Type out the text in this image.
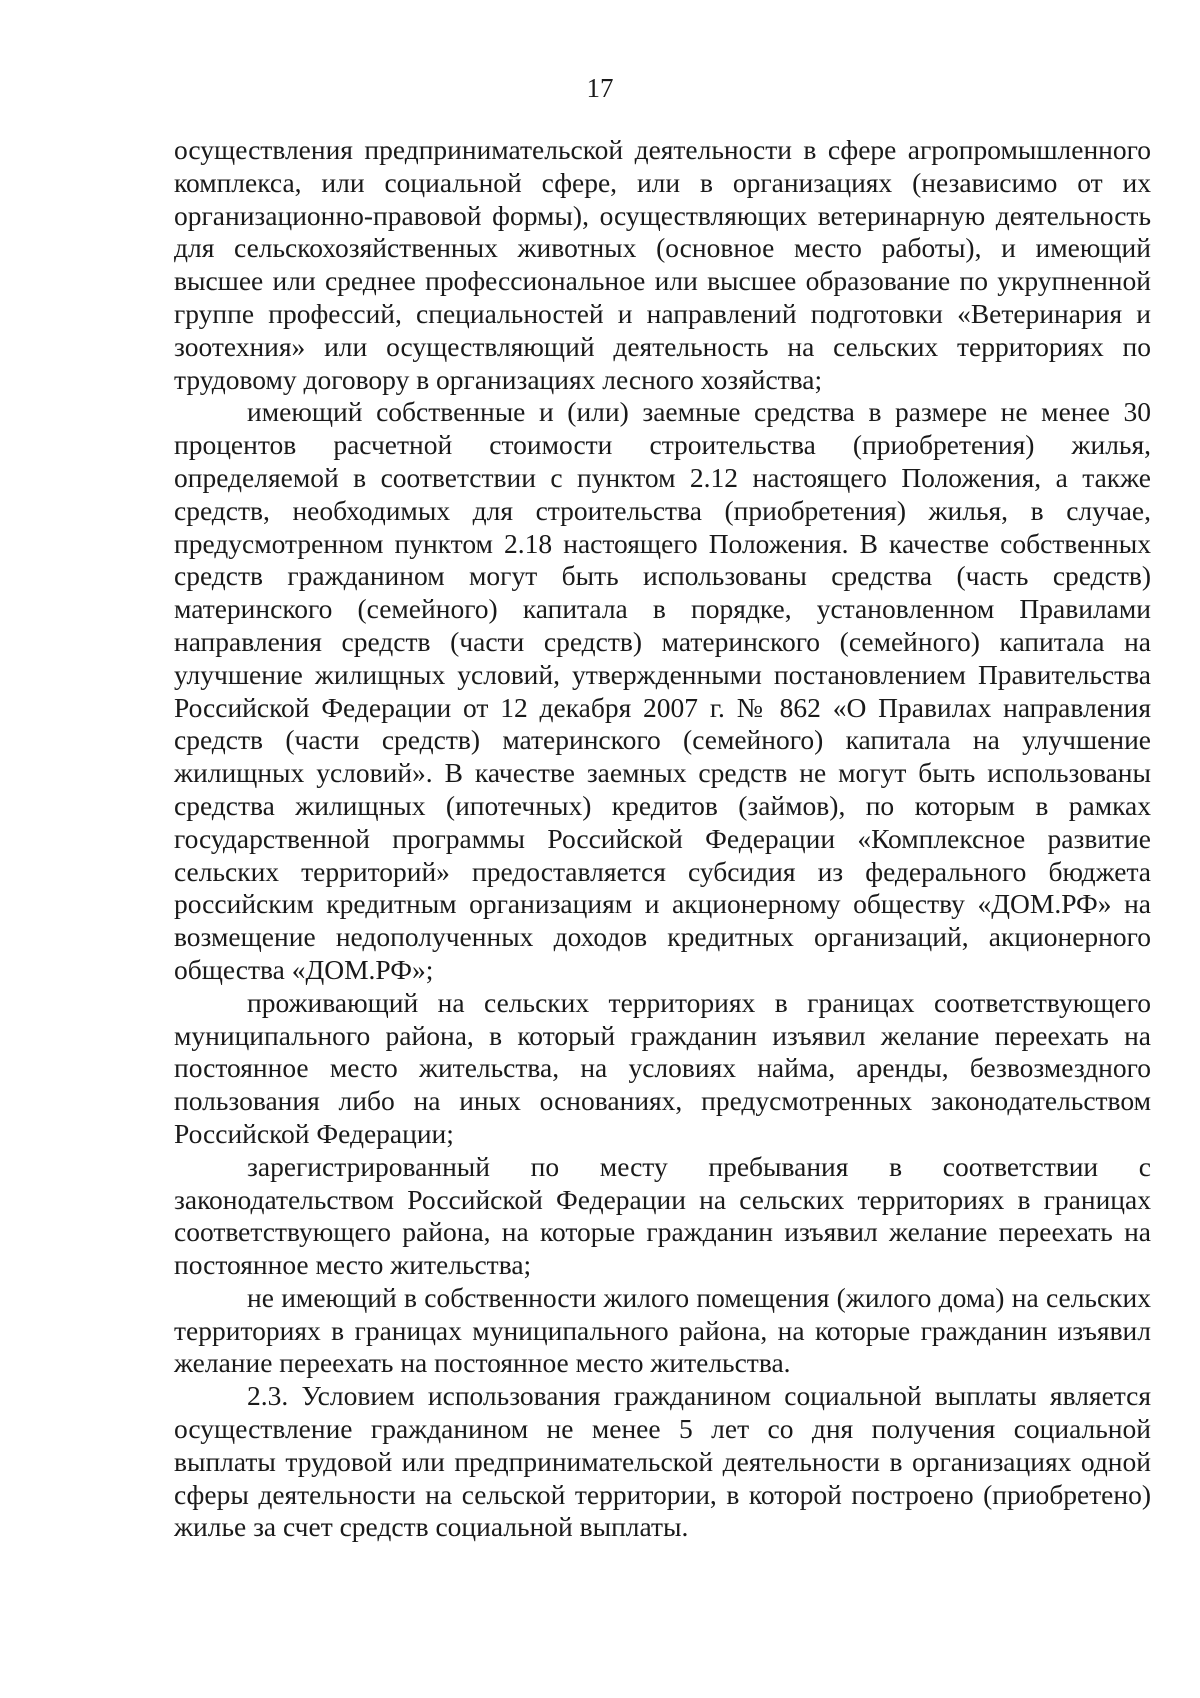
17

осуществления предпринимательской деятельности в сфере агропромышленного комплекса, или социальной сфере, или в организациях (независимо от их организационно-правовой формы), осуществляющих ветеринарную деятельность для сельскохозяйственных животных (основное место работы), и имеющий высшее или среднее профессиональное или высшее образование по укрупненной группе профессий, специальностей и направлений подготовки «Ветеринария и зоотехния» или осуществляющий деятельность на сельских территориях по трудовому договору в организациях лесного хозяйства;

имеющий собственные и (или) заемные средства в размере не менее 30 процентов расчетной стоимости строительства (приобретения) жилья, определяемой в соответствии с пунктом 2.12 настоящего Положения, а также средств, необходимых для строительства (приобретения) жилья, в случае, предусмотренном пунктом 2.18 настоящего Положения. В качестве собственных средств гражданином могут быть использованы средства (часть средств) материнского (семейного) капитала в порядке, установленном Правилами направления средств (части средств) материнского (семейного) капитала на улучшение жилищных условий, утвержденными постановлением Правительства Российской Федерации от 12 декабря 2007 г. № 862 «О Правилах направления средств (части средств) материнского (семейного) капитала на улучшение жилищных условий». В качестве заемных средств не могут быть использованы средства жилищных (ипотечных) кредитов (займов), по которым в рамках государственной программы Российской Федерации «Комплексное развитие сельских территорий» предоставляется субсидия из федерального бюджета российским кредитным организациям и акционерному обществу «ДОМ.РФ» на возмещение недополученных доходов кредитных организаций, акционерного общества «ДОМ.РФ»;

проживающий на сельских территориях в границах соответствующего муниципального района, в который гражданин изъявил желание переехать на постоянное место жительства, на условиях найма, аренды, безвозмездного пользования либо на иных основаниях, предусмотренных законодательством Российской Федерации;

зарегистрированный по месту пребывания в соответствии с законодательством Российской Федерации на сельских территориях в границах соответствующего района, на которые гражданин изъявил желание переехать на постоянное место жительства;

не имеющий в собственности жилого помещения (жилого дома) на сельских территориях в границах муниципального района, на которые гражданин изъявил желание переехать на постоянное место жительства.

2.3. Условием использования гражданином социальной выплаты является осуществление гражданином не менее 5 лет со дня получения социальной выплаты трудовой или предпринимательской деятельности в организациях одной сферы деятельности на сельской территории, в которой построено (приобретено) жилье за счет средств социальной выплаты.
